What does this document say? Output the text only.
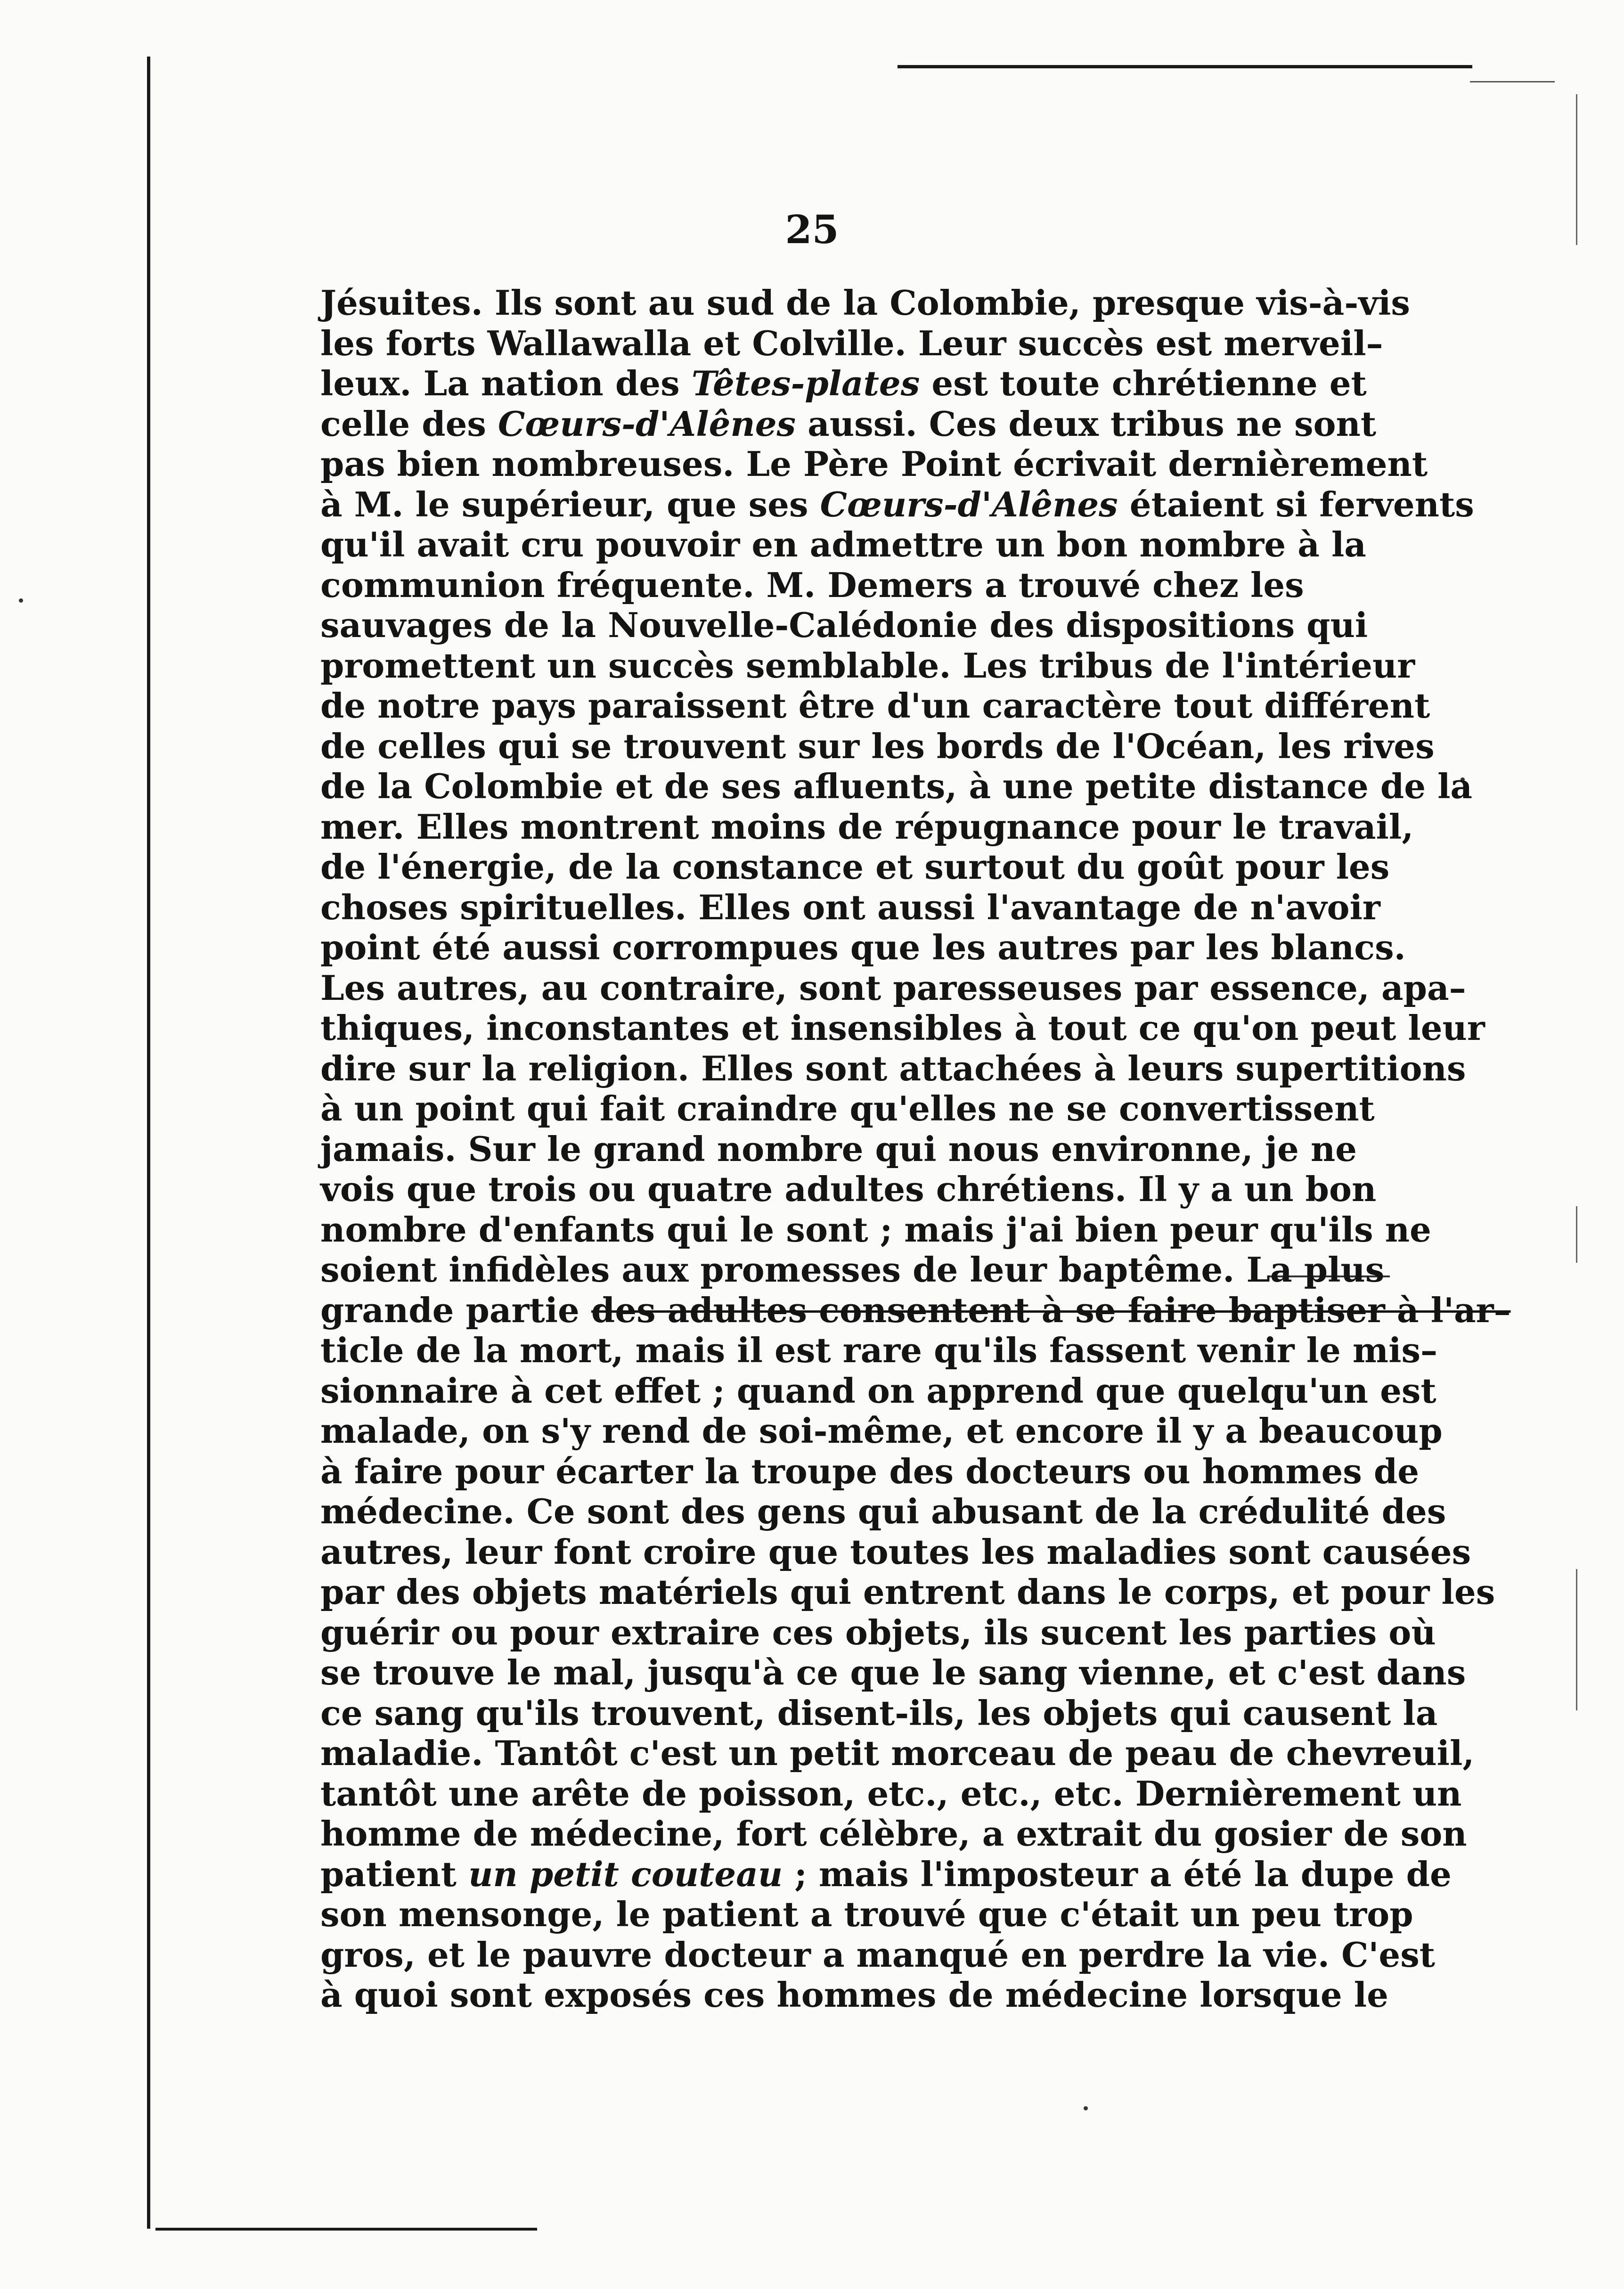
25
Jésuites. Ils sont au sud de la Colombie, presque vis-à-vis
les forts Wallawalla et Colville. Leur succès est merveil–
leux. La nation des Têtes-plates est toute chrétienne et
celle des Cœurs-d'Alênes aussi. Ces deux tribus ne sont
pas bien nombreuses. Le Père Point écrivait dernièrement
à M. le supérieur, que ses Cœurs-d'Alênes étaient si fervents
qu'il avait cru pouvoir en admettre un bon nombre à la
communion fréquente. M. Demers a trouvé chez les
sauvages de la Nouvelle-Calédonie des dispositions qui
promettent un succès semblable. Les tribus de l'intérieur
de notre pays paraissent être d'un caractère tout différent
de celles qui se trouvent sur les bords de l'Océan, les rives
de la Colombie et de ses afluents, à une petite distance de la
mer. Elles montrent moins de répugnance pour le travail,
de l'énergie, de la constance et surtout du goût pour les
choses spirituelles. Elles ont aussi l'avantage de n'avoir
point été aussi corrompues que les autres par les blancs.
Les autres, au contraire, sont paresseuses par essence, apa–
thiques, inconstantes et insensibles à tout ce qu'on peut leur
dire sur la religion. Elles sont attachées à leurs supertitions
à un point qui fait craindre qu'elles ne se convertissent
jamais. Sur le grand nombre qui nous environne, je ne
vois que trois ou quatre adultes chrétiens. Il y a un bon
nombre d'enfants qui le sont ; mais j'ai bien peur qu'ils ne
soient infidèles aux promesses de leur baptême. La plus
grande partie des adultes consentent à se faire baptiser à l'ar–
ticle de la mort, mais il est rare qu'ils fassent venir le mis–
sionnaire à cet effet ; quand on apprend que quelqu'un est
malade, on s'y rend de soi-même, et encore il y a beaucoup
à faire pour écarter la troupe des docteurs ou hommes de
médecine. Ce sont des gens qui abusant de la crédulité des
autres, leur font croire que toutes les maladies sont causées
par des objets matériels qui entrent dans le corps, et pour les
guérir ou pour extraire ces objets, ils sucent les parties où
se trouve le mal, jusqu'à ce que le sang vienne, et c'est dans
ce sang qu'ils trouvent, disent-ils, les objets qui causent la
maladie. Tantôt c'est un petit morceau de peau de chevreuil,
tantôt une arête de poisson, etc., etc., etc. Dernièrement un
homme de médecine, fort célèbre, a extrait du gosier de son
patient un petit couteau ; mais l'imposteur a été la dupe de
son mensonge, le patient a trouvé que c'était un peu trop
gros, et le pauvre docteur a manqué en perdre la vie. C'est
à quoi sont exposés ces hommes de médecine lorsque le
